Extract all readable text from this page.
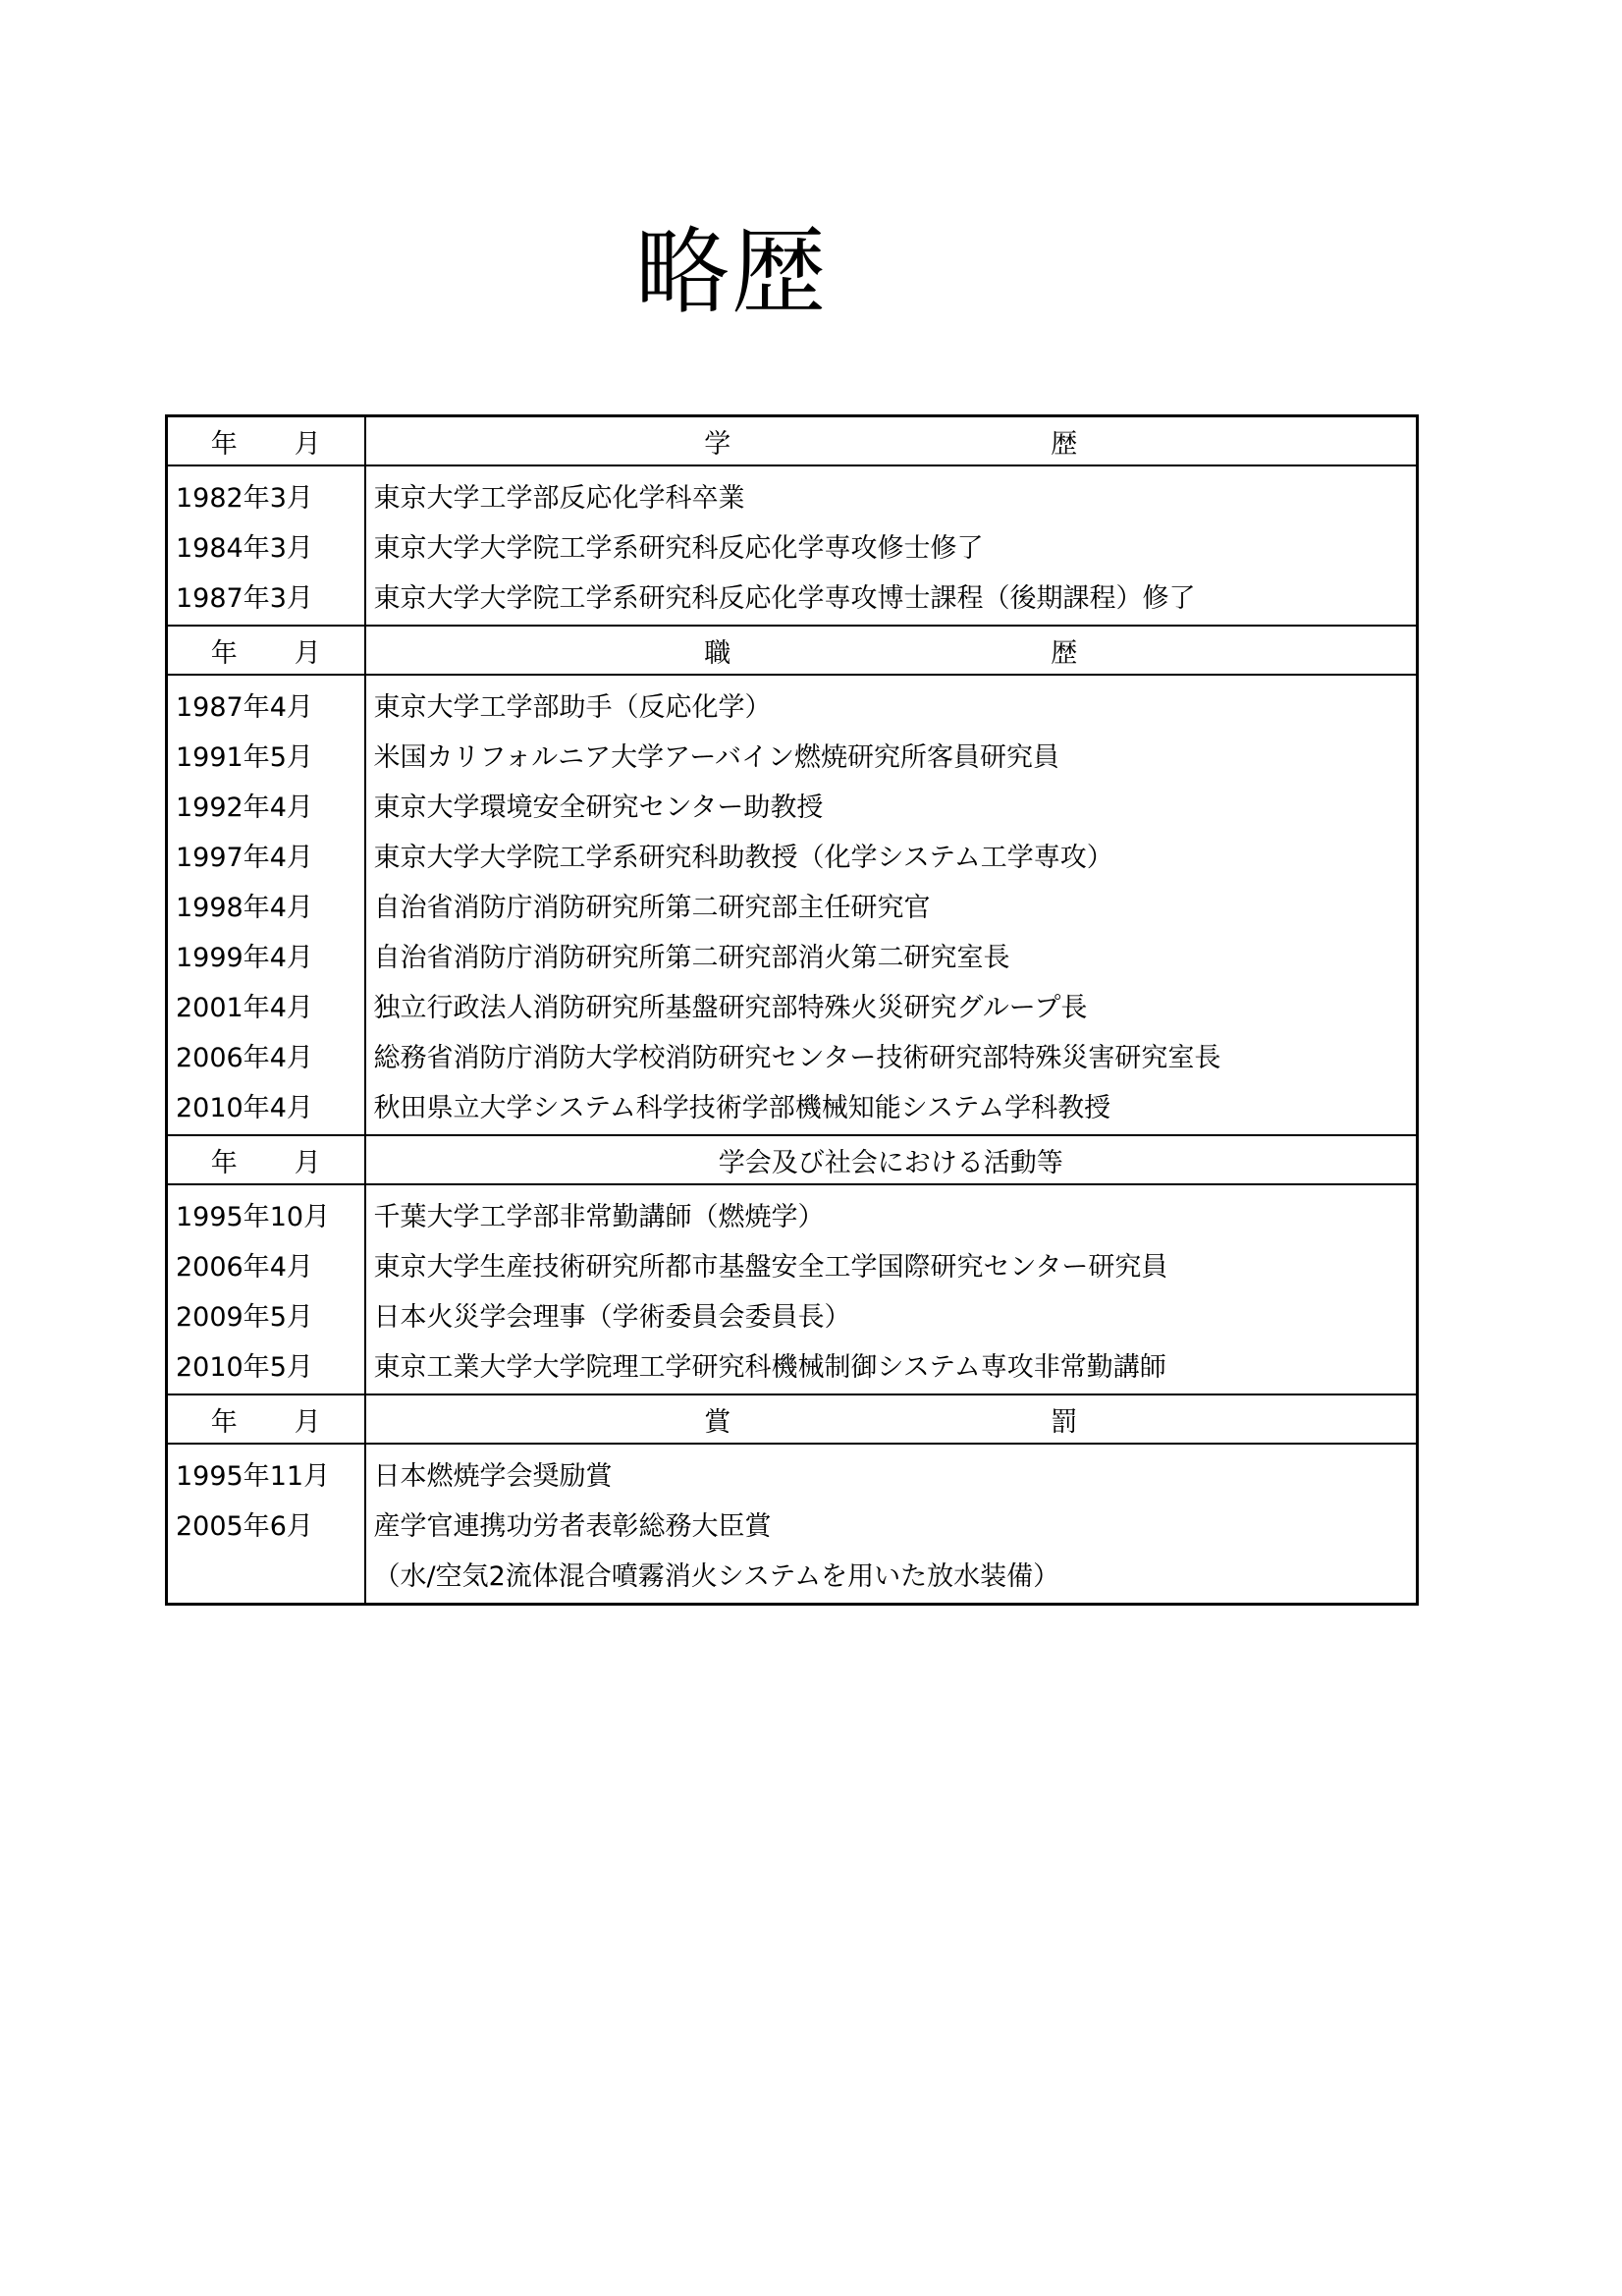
略歴
年 月	学 歴

1982年3月	東京大学工学部反応化学科卒業
1984年3月	東京大学大学院工学系研究科反応化学専攻修士修了
1987年3月	東京大学大学院工学系研究科反応化学専攻博士課程（後期課程）修了

年 月	職 歴

1987年4月	東京大学工学部助手（反応化学）
1991年5月	米国カリフォルニア大学アーバイン燃焼研究所客員研究員
1992年4月	東京大学環境安全研究センター助教授
1997年4月	東京大学大学院工学系研究科助教授（化学システム工学専攻）
1998年4月	自治省消防庁消防研究所第二研究部主任研究官
1999年4月	自治省消防庁消防研究所第二研究部消火第二研究室長
2001年4月	独立行政法人消防研究所基盤研究部特殊火災研究グループ長
2006年4月	総務省消防庁消防大学校消防研究センター技術研究部特殊災害研究室長
2010年4月	秋田県立大学システム科学技術学部機械知能システム学科教授

年 月	学会及び社会における活動等
1995年10月	千葉大学工学部非常勤講師（燃焼学）
2006年4月	東京大学生産技術研究所都市基盤安全工学国際研究センター研究員
2009年5月	日本火災学会理事（学術委員会委員長）
2010年5月	東京工業大学大学院理工学研究科機械制御システム専攻非常勤講師

年 月	賞 罰

1995年11月	日本燃焼学会奨励賞
2005年6月	産学官連携功労者表彰総務大臣賞
	（水/空気2流体混合噴霧消火システムを用いた放水装備）
